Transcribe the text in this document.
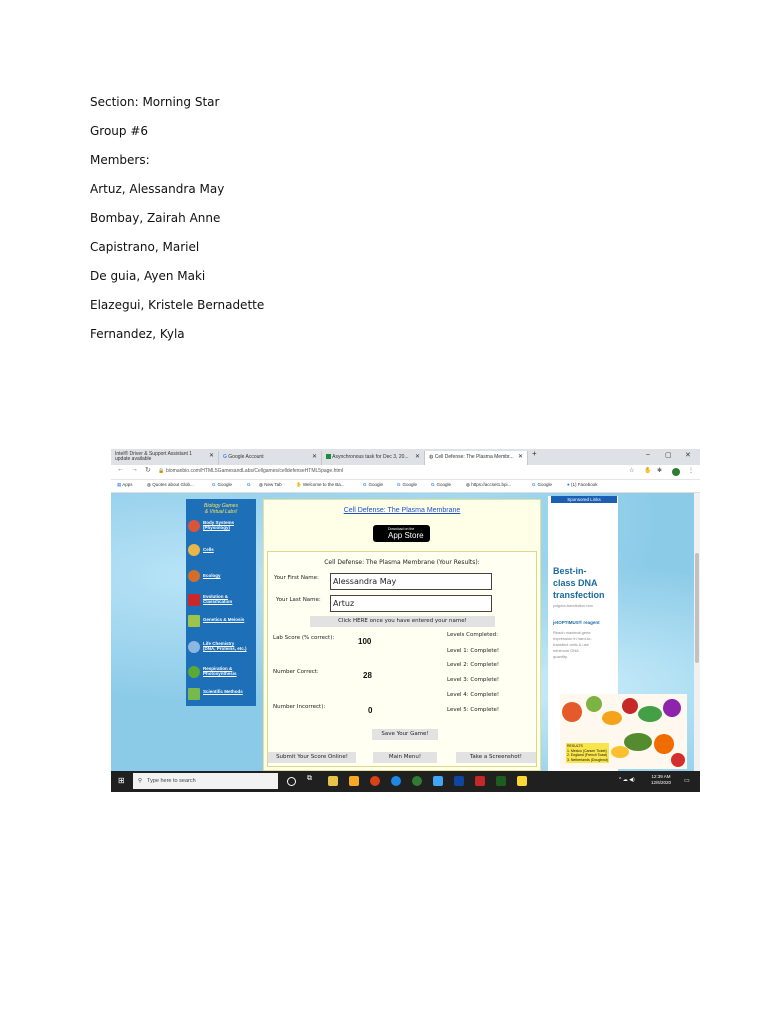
Section: Morning Star
Group #6
Members:
Artuz, Alessandra May
Bombay, Zairah Anne
Capistrano, Mariel
De guia, Ayen Maki
Elazegui, Kristele Bernadette
Fernandez, Kyla
Intel® Driver & Support Assistant 1 update available	✕	G Google Account	✕	Asynchronous task for Dec 3, 20... ✕	◍ Cell Defense: The Plasma Membr... ✕ +	– ▢ ✕
← → ↻ 🔒 biomanbio.com/HTML5GamesandLabs/Cellgames/celldefenseHTML5page.html	☆ ✋ ✱	⋮
▦ Apps	◍ Quotes about Glob...	G Google	G	◍ New Tab	✋ Welcome to the Ba...	G Google	G Google	G Google	◍ https://accset1.bpi...	G Google	● (1) Facebook
Biology Games
& Virtual Labs!
Body Systems
(Physiology)
Cells
Ecology
Evolution &
Classification
Genetics & Meiosis
Life Chemistry
(DNA, Proteins, etc.)
Respiration &
Photosynthesis
Scientific Methods
Cell Defense: The Plasma Membrane
Download on the
App Store
Cell Defense: The Plasma Membrane (Your Results):
Your First Name:	Alessandra May
Your Last Name:	Artuz
Click HERE once you have entered your name!
Lab Score (% correct):	100
Number Correct:	28
Number Incorrect):	0
Levels Completed:
Level 1: Complete!
Level 2: Complete!
Level 3: Complete!
Level 4: Complete!
Level 5: Complete!
Save Your Game!
Submit Your Score Online!	Main Menu!	Take a Screenshot!
Sponsored Links
Best-in-
class DNA
transfection
polyplus-transfection.com
jetOPTIMUS® reagent
Reach maximal gene
expression in hard-to-
transfect cells & use
minimum DNA
quantity.
RESULTS
1. Mexico (Cancer Ticket)
2. England (French Toast)
3. Netherlands (Doughnut)
⊞	⚲ Type here to search	⧉	^ ☁ ◀)
12:39 AM
12/6/2020 ▭
